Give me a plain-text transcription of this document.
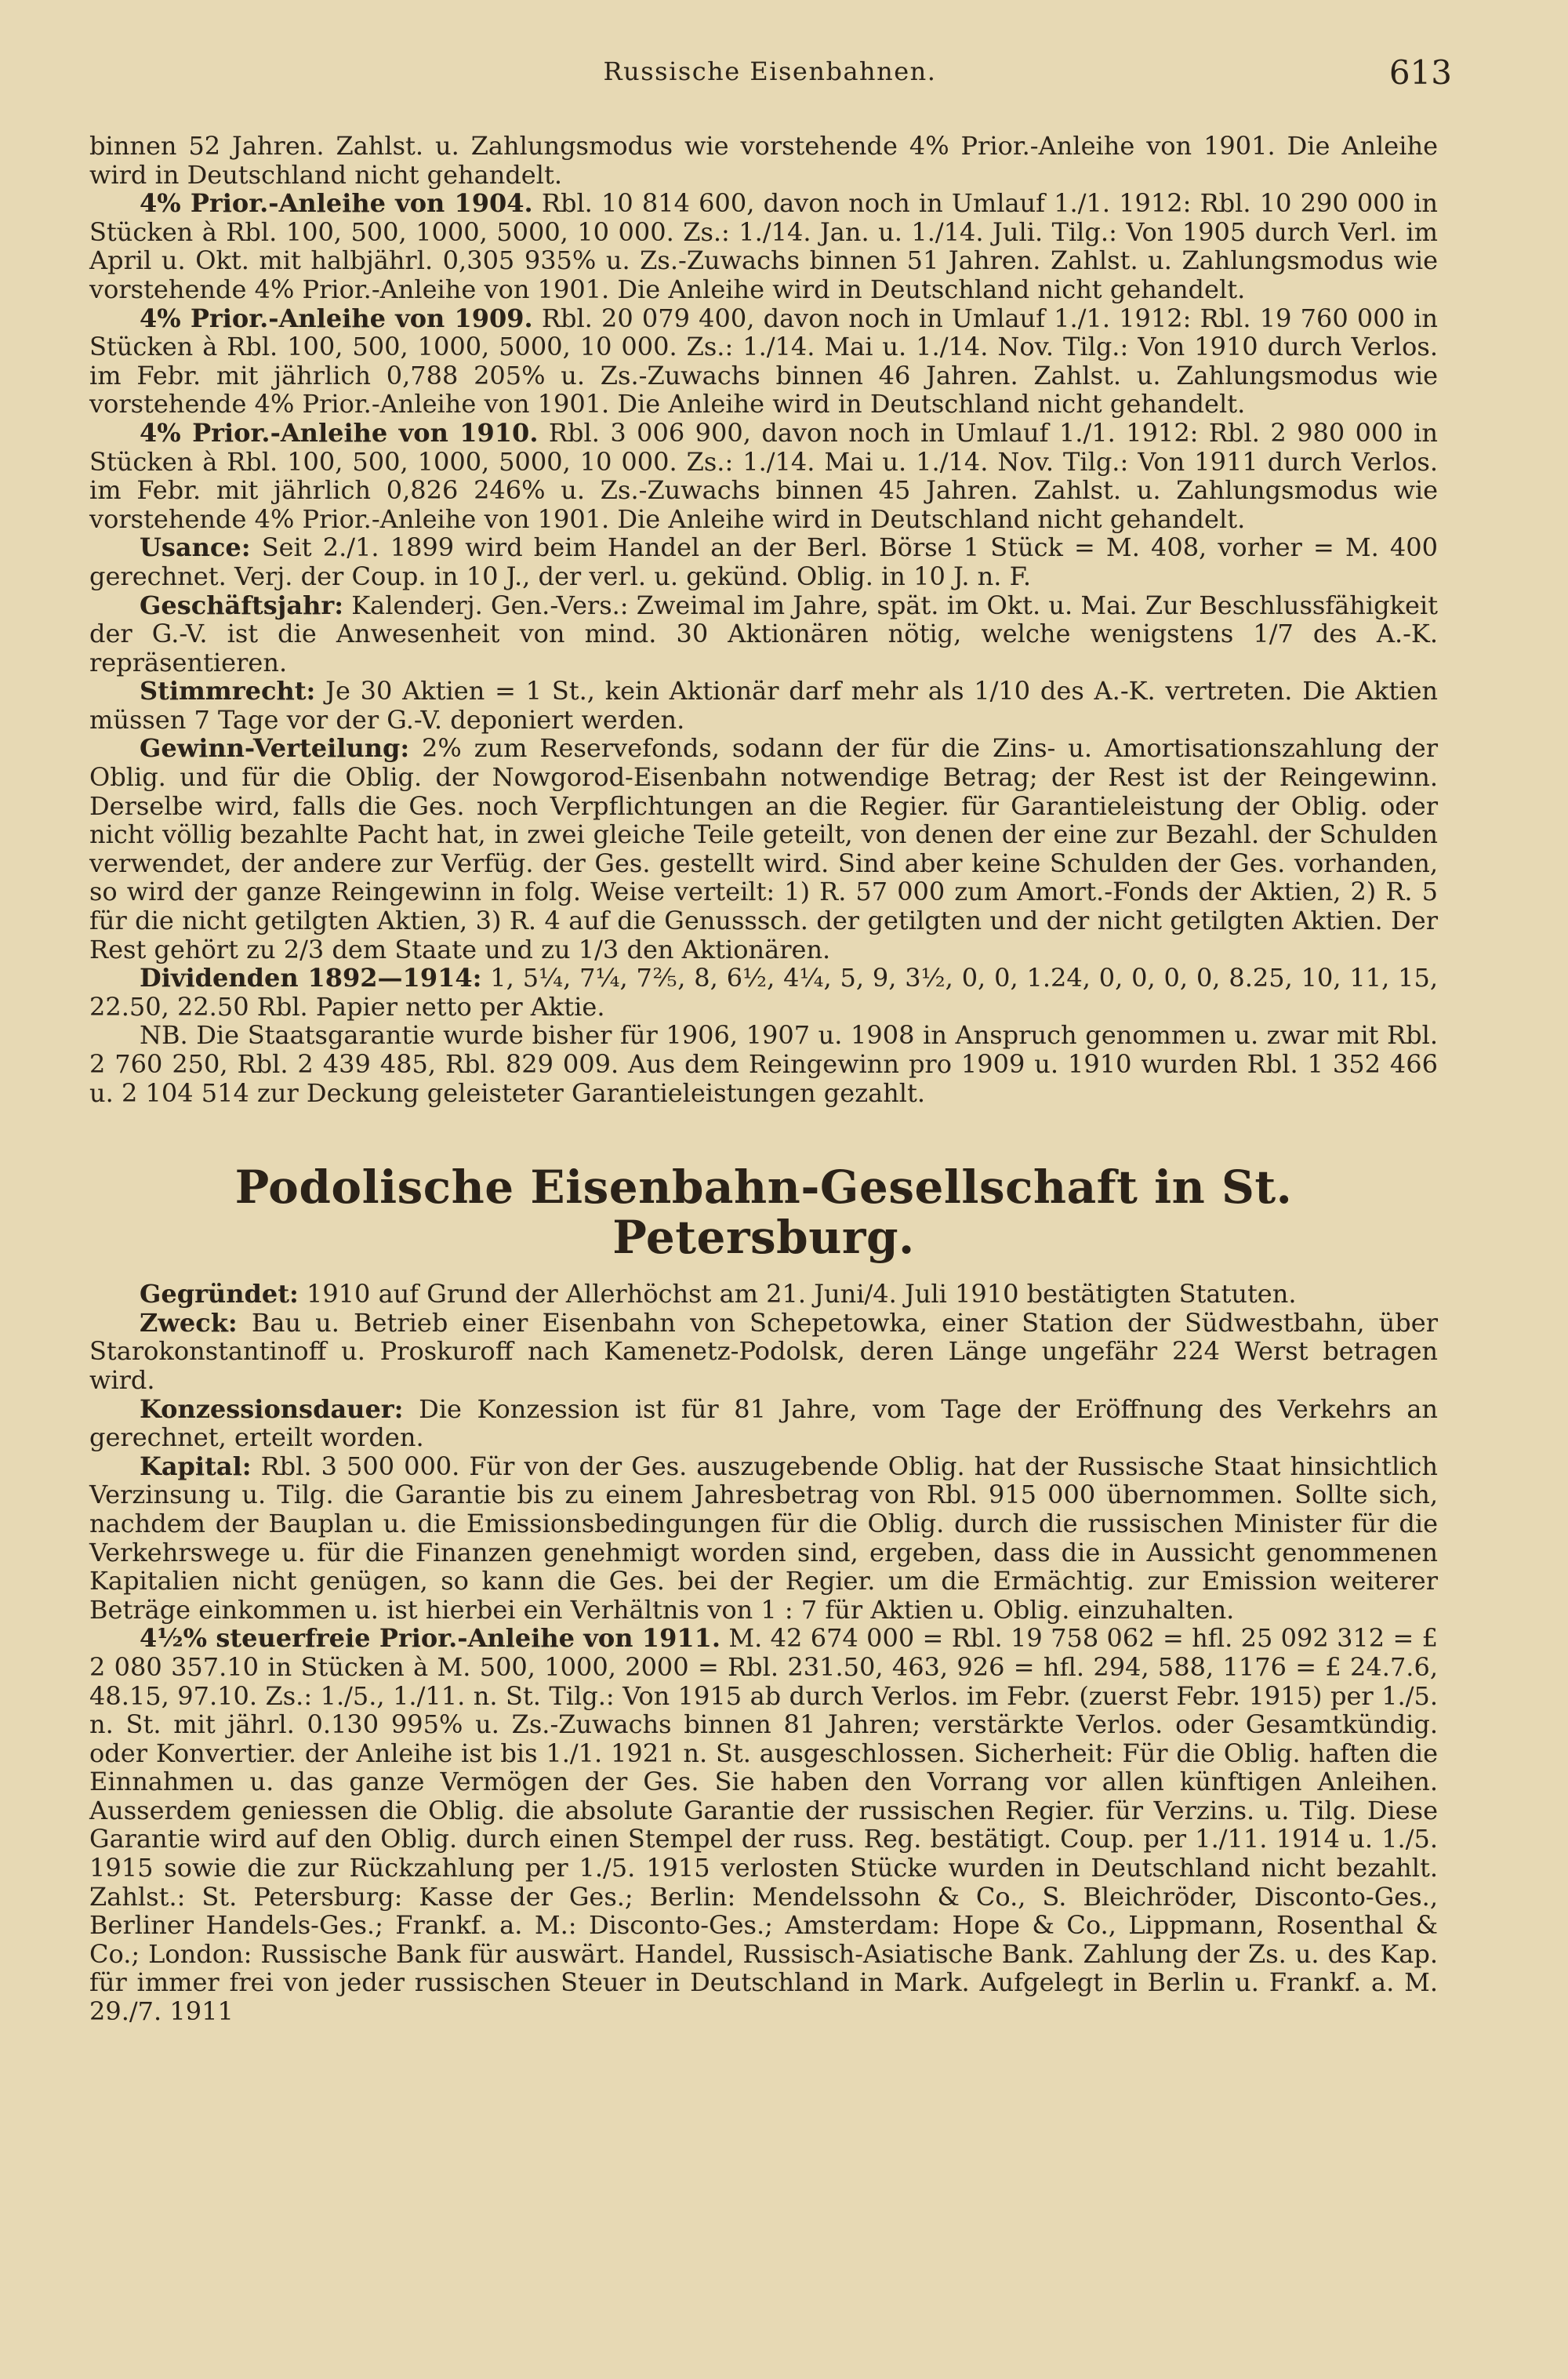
Russische Eisenbahnen.	613

binnen 52 Jahren. Zahlst. u. Zahlungsmodus wie vorstehende 4% Prior.-Anleihe von 1901. Die Anleihe wird in Deutschland nicht gehandelt.

4% Prior.-Anleihe von 1904. Rbl. 10 814 600, davon noch in Umlauf 1./1. 1912: Rbl. 10 290 000 in Stücken à Rbl. 100, 500, 1000, 5000, 10 000. Zs.: 1./14. Jan. u. 1./14. Juli. Tilg.: Von 1905 durch Verl. im April u. Okt. mit halbjährl. 0,305 935% u. Zs.-Zuwachs binnen 51 Jahren. Zahlst. u. Zahlungsmodus wie vorstehende 4% Prior.-Anleihe von 1901. Die Anleihe wird in Deutschland nicht gehandelt.

4% Prior.-Anleihe von 1909. Rbl. 20 079 400, davon noch in Umlauf 1./1. 1912: Rbl. 19 760 000 in Stücken à Rbl. 100, 500, 1000, 5000, 10 000. Zs.: 1./14. Mai u. 1./14. Nov. Tilg.: Von 1910 durch Verlos. im Febr. mit jährlich 0,788 205% u. Zs.-Zuwachs binnen 46 Jahren. Zahlst. u. Zahlungsmodus wie vorstehende 4% Prior.-Anleihe von 1901. Die Anleihe wird in Deutschland nicht gehandelt.

4% Prior.-Anleihe von 1910. Rbl. 3 006 900, davon noch in Umlauf 1./1. 1912: Rbl. 2 980 000 in Stücken à Rbl. 100, 500, 1000, 5000, 10 000. Zs.: 1./14. Mai u. 1./14. Nov. Tilg.: Von 1911 durch Verlos. im Febr. mit jährlich 0,826 246% u. Zs.-Zuwachs binnen 45 Jahren. Zahlst. u. Zahlungsmodus wie vorstehende 4% Prior.-Anleihe von 1901. Die Anleihe wird in Deutschland nicht gehandelt.

Usance: Seit 2./1. 1899 wird beim Handel an der Berl. Börse 1 Stück = M. 408, vorher = M. 400 gerechnet. Verj. der Coup. in 10 J., der verl. u. gekünd. Oblig. in 10 J. n. F.

Geschäftsjahr: Kalenderj. Gen.-Vers.: Zweimal im Jahre, spät. im Okt. u. Mai. Zur Beschlussfähigkeit der G.-V. ist die Anwesenheit von mind. 30 Aktionären nötig, welche wenigstens 1/7 des A.-K. repräsentieren.

Stimmrecht: Je 30 Aktien = 1 St., kein Aktionär darf mehr als 1/10 des A.-K. vertreten. Die Aktien müssen 7 Tage vor der G.-V. deponiert werden.

Gewinn-Verteilung: 2% zum Reservefonds, sodann der für die Zins- u. Amortisationszahlung der Oblig. und für die Oblig. der Nowgorod-Eisenbahn notwendige Betrag; der Rest ist der Reingewinn. Derselbe wird, falls die Ges. noch Verpflichtungen an die Regier. für Garantieleistung der Oblig. oder nicht völlig bezahlte Pacht hat, in zwei gleiche Teile geteilt, von denen der eine zur Bezahl. der Schulden verwendet, der andere zur Verfüg. der Ges. gestellt wird. Sind aber keine Schulden der Ges. vorhanden, so wird der ganze Reingewinn in folg. Weise verteilt: 1) R. 57 000 zum Amort.-Fonds der Aktien, 2) R. 5 für die nicht getilgten Aktien, 3) R. 4 auf die Genusssch. der getilgten und der nicht getilgten Aktien. Der Rest gehört zu 2/3 dem Staate und zu 1/3 den Aktionären.

Dividenden 1892—1914: 1, 5¼, 7¼, 7⅖, 8, 6½, 4¼, 5, 9, 3½, 0, 0, 1.24, 0, 0, 0, 0, 8.25, 10, 11, 15, 22.50, 22.50 Rbl. Papier netto per Aktie.

NB. Die Staatsgarantie wurde bisher für 1906, 1907 u. 1908 in Anspruch genommen u. zwar mit Rbl. 2 760 250, Rbl. 2 439 485, Rbl. 829 009. Aus dem Reingewinn pro 1909 u. 1910 wurden Rbl. 1 352 466 u. 2 104 514 zur Deckung geleisteter Garantieleistungen gezahlt.

Podolische Eisenbahn-Gesellschaft in St. Petersburg.

Gegründet: 1910 auf Grund der Allerhöchst am 21. Juni/4. Juli 1910 bestätigten Statuten.

Zweck: Bau u. Betrieb einer Eisenbahn von Schepetowka, einer Station der Südwestbahn, über Starokonstantinoff u. Proskuroff nach Kamenetz-Podolsk, deren Länge ungefähr 224 Werst betragen wird.

Konzessionsdauer: Die Konzession ist für 81 Jahre, vom Tage der Eröffnung des Verkehrs an gerechnet, erteilt worden.

Kapital: Rbl. 3 500 000. Für von der Ges. auszugebende Oblig. hat der Russische Staat hinsichtlich Verzinsung u. Tilg. die Garantie bis zu einem Jahresbetrag von Rbl. 915 000 übernommen. Sollte sich, nachdem der Bauplan u. die Emissionsbedingungen für die Oblig. durch die russischen Minister für die Verkehrswege u. für die Finanzen genehmigt worden sind, ergeben, dass die in Aussicht genommenen Kapitalien nicht genügen, so kann die Ges. bei der Regier. um die Ermächtig. zur Emission weiterer Beträge einkommen u. ist hierbei ein Verhältnis von 1 : 7 für Aktien u. Oblig. einzuhalten.

4½% steuerfreie Prior.-Anleihe von 1911. M. 42 674 000 = Rbl. 19 758 062 = hfl. 25 092 312 = £ 2 080 357.10 in Stücken à M. 500, 1000, 2000 = Rbl. 231.50, 463, 926 = hfl. 294, 588, 1176 = £ 24.7.6, 48.15, 97.10. Zs.: 1./5., 1./11. n. St. Tilg.: Von 1915 ab durch Verlos. im Febr. (zuerst Febr. 1915) per 1./5. n. St. mit jährl. 0.130 995% u. Zs.-Zuwachs binnen 81 Jahren; verstärkte Verlos. oder Gesamtkündig. oder Konvertier. der Anleihe ist bis 1./1. 1921 n. St. ausgeschlossen. Sicherheit: Für die Oblig. haften die Einnahmen u. das ganze Vermögen der Ges. Sie haben den Vorrang vor allen künftigen Anleihen. Ausserdem geniessen die Oblig. die absolute Garantie der russischen Regier. für Verzins. u. Tilg. Diese Garantie wird auf den Oblig. durch einen Stempel der russ. Reg. bestätigt. Coup. per 1./11. 1914 u. 1./5. 1915 sowie die zur Rückzahlung per 1./5. 1915 verlosten Stücke wurden in Deutschland nicht bezahlt. Zahlst.: St. Petersburg: Kasse der Ges.; Berlin: Mendelssohn & Co., S. Bleichröder, Disconto-Ges., Berliner Handels-Ges.; Frankf. a. M.: Disconto-Ges.; Amsterdam: Hope & Co., Lippmann, Rosenthal & Co.; London: Russische Bank für auswärt. Handel, Russisch-Asiatische Bank. Zahlung der Zs. u. des Kap. für immer frei von jeder russischen Steuer in Deutschland in Mark. Aufgelegt in Berlin u. Frankf. a. M. 29./7. 1911
